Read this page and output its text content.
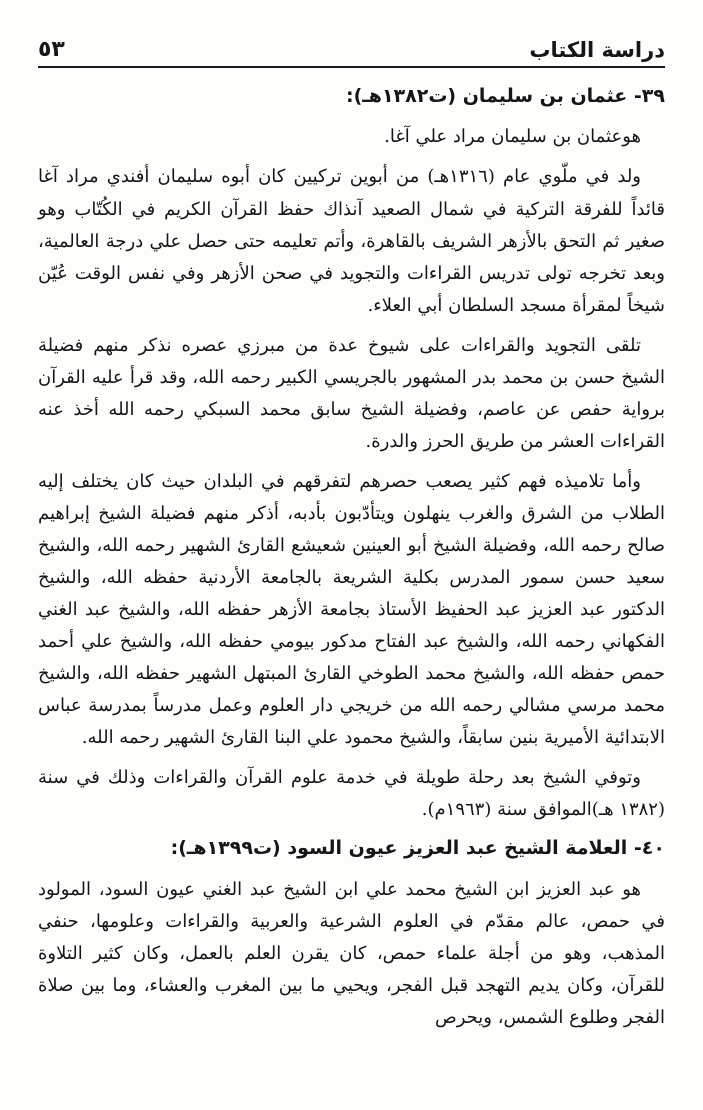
دراسة الكتاب
٥٣
٣٩- عثمان بن سليمان (ت١٣٨٢هـ):

هوعثمان بن سليمان مراد علي آغا.

ولد في ملّوي عام (١٣١٦هـ) من أبوين تركيين كان أبوه سليمان أفندي مراد آغا قائداً للفرقة التركية في شمال الصعيد آنذاك حفظ القرآن الكريم في الكُتّاب وهو صغير ثم التحق بالأزهر الشريف بالقاهرة، وأتم تعليمه حتى حصل علي درجة العالمية، وبعد تخرجه تولى تدريس القراءات والتجويد في صحن الأزهر وفي نفس الوقت عُيّن شيخاً لمقرأة مسجد السلطان أبي العلاء.

تلقى التجويد والقراءات على شيوخ عدة من مبرزي عصره نذكر منهم فضيلة الشيخ حسن بن محمد بدر المشهور بالجريسي الكبير رحمه الله، وقد قرأ عليه القرآن برواية حفص عن عاصم، وفضيلة الشيخ سابق محمد السبكي رحمه الله أخذ عنه القراءات العشر من طريق الحرز والدرة.

وأما تلاميذه فهم كثير يصعب حصرهم لتفرقهم في البلدان حيث كان يختلف إليه الطلاب من الشرق والغرب ينهلون ويتأدّبون بأدبه، أذكر منهم فضيلة الشيخ إبراهيم صالح رحمه الله، وفضيلة الشيخ أبو العينين شعيشع القارئ الشهير رحمه الله، والشيخ سعيد حسن سمور المدرس بكلية الشريعة بالجامعة الأردنية حفظه الله، والشيخ الدكتور عبد العزيز عبد الحفيظ الأستاذ بجامعة الأزهر حفظه الله، والشيخ عبد الغني الفكهاني رحمه الله، والشيخ عبد الفتاح مدكور بيومي حفظه الله، والشيخ علي أحمد حمص حفظه الله، والشيخ محمد الطوخي القارئ المبتهل الشهير حفظه الله، والشيخ محمد مرسي مشالي رحمه الله من خريجي دار العلوم وعمل مدرساً بمدرسة عباس الابتدائية الأميرية بنين سابقاً، والشيخ محمود علي البنا القارئ الشهير رحمه الله.

وتوفي الشيخ بعد رحلة طويلة في خدمة علوم القرآن والقراءات وذلك في سنة (١٣٨٢ هـ)الموافق سنة (١٩٦٣م).

٤٠- العلامة الشيخ عبد العزيز عيون السود (ت١٣٩٩هـ):

هو عبد العزيز ابن الشيخ محمد علي ابن الشيخ عبد الغني عيون السود، المولود في حمص، عالم مقدّم في العلوم الشرعية والعربية والقراءات وعلومها، حنفي المذهب، وهو من أجلة علماء حمص، كان يقرن العلم بالعمل، وكان كثير التلاوة للقرآن، وكان يديم التهجد قبل الفجر، ويحيي ما بين المغرب والعشاء، وما بين صلاة الفجر وطلوع الشمس، ويحرص
